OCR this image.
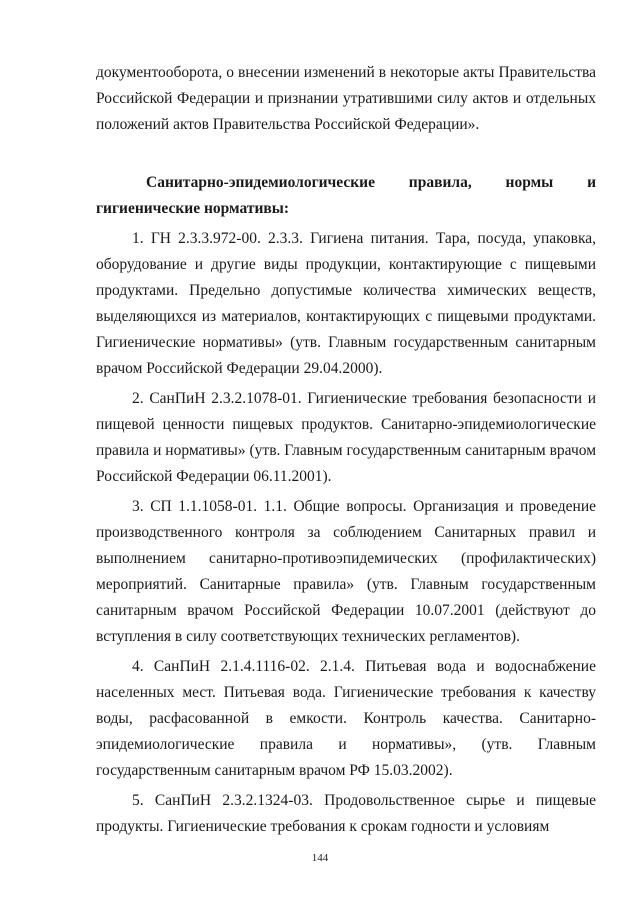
документооборота, о внесении изменений в некоторые акты Правительства Российской Федерации и признании утратившими силу актов и отдельных положений актов Правительства Российской Федерации».

Санитарно-эпидемиологические правила, нормы и гигиенические нормативы:

1. ГН 2.3.3.972-00. 2.3.3. Гигиена питания. Тара, посуда, упаковка, оборудование и другие виды продукции, контактирующие с пищевыми продуктами. Предельно допустимые количества химических веществ, выделяющихся из материалов, контактирующих с пищевыми продуктами. Гигиенические нормативы» (утв. Главным государственным санитарным врачом Российской Федерации 29.04.2000).

2. СанПиН 2.3.2.1078-01. Гигиенические требования безопасности и пищевой ценности пищевых продуктов. Санитарно-эпидемиологические правила и нормативы» (утв. Главным государственным санитарным врачом Российской Федерации 06.11.2001).

3. СП 1.1.1058-01. 1.1. Общие вопросы. Организация и проведение производственного контроля за соблюдением Санитарных правил и выполнением санитарно-противоэпидемических (профилактических) мероприятий. Санитарные правила» (утв. Главным государственным санитарным врачом Российской Федерации 10.07.2001 (действуют до вступления в силу соответствующих технических регламентов).

4. СанПиН 2.1.4.1116-02. 2.1.4. Питьевая вода и водоснабжение населенных мест. Питьевая вода. Гигиенические требования к качеству воды, расфасованной в емкости. Контроль качества. Санитарно-эпидемиологические правила и нормативы», (утв. Главным государственным санитарным врачом РФ 15.03.2002).

5. СанПиН 2.3.2.1324-03. Продовольственное сырье и пищевые продукты. Гигиенические требования к срокам годности и условиям

144
